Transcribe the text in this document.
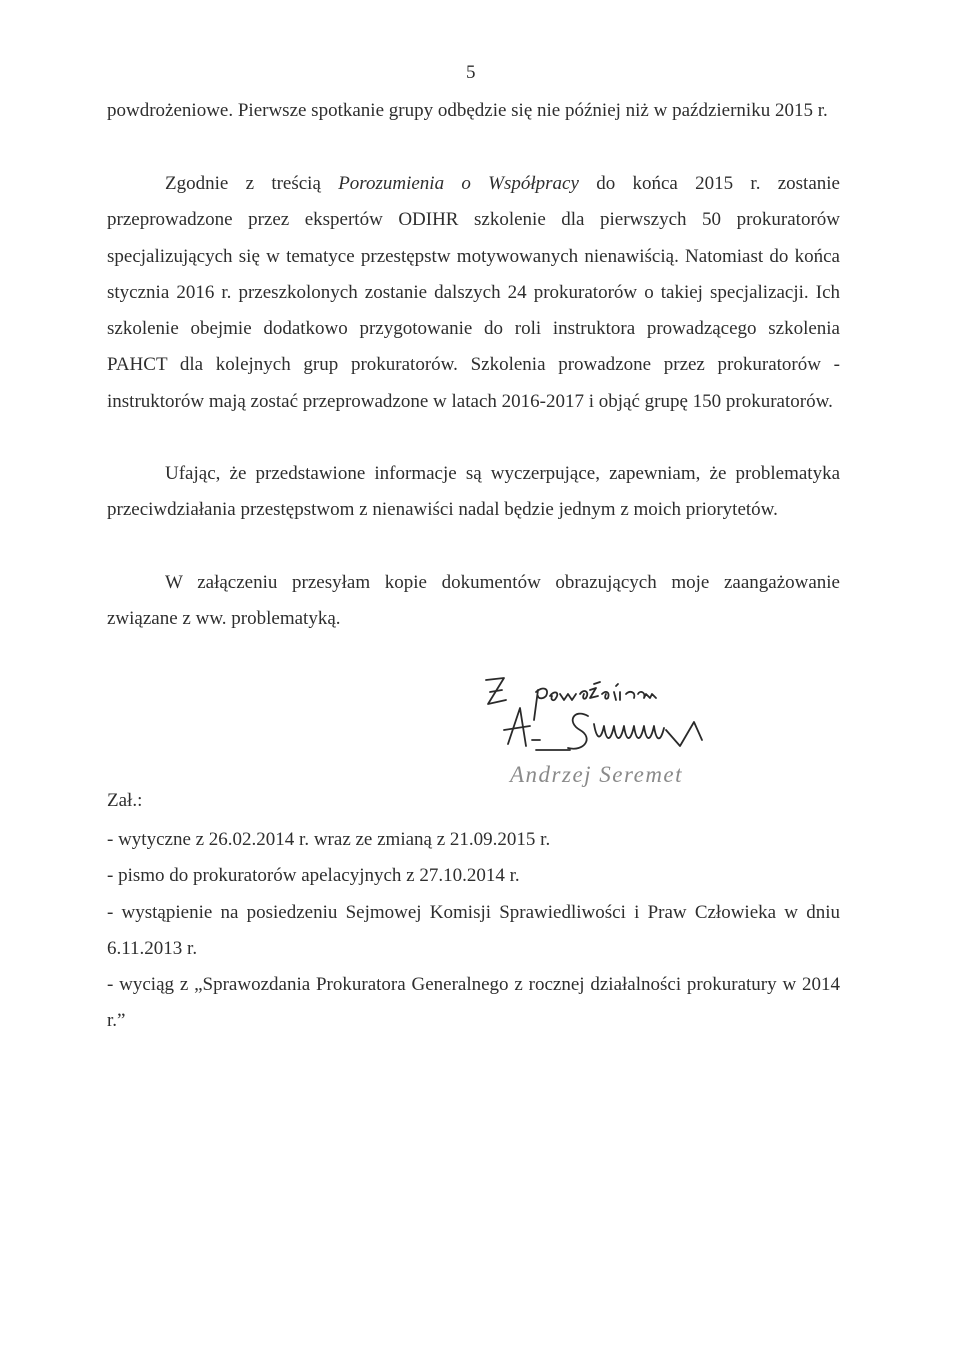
5

powdrożeniowe. Pierwsze spotkanie grupy odbędzie się nie później niż w październiku 2015 r.

Zgodnie z treścią Porozumienia o Współpracy do końca 2015 r. zostanie przeprowadzone przez ekspertów ODIHR szkolenie dla pierwszych 50 prokuratorów specjalizujących się w tematyce przestępstw motywowanych nienawiścią. Natomiast do końca stycznia 2016 r. przeszkolonych zostanie dalszych 24 prokuratorów o takiej specjalizacji. Ich szkolenie obejmie dodatkowo przygotowanie do roli instruktora prowadzącego szkolenia PAHCT dla kolejnych grup prokuratorów. Szkolenia prowadzone przez prokuratorów - instruktorów mają zostać przeprowadzone w latach 2016-2017 i objąć grupę 150 prokuratorów.

Ufając, że przedstawione informacje są wyczerpujące, zapewniam, że problematyka przeciwdziałania przestępstwom z nienawiści nadal będzie jednym z moich priorytetów.

W załączeniu przesyłam kopie dokumentów obrazujących moje zaangażowanie związane z ww. problematyką.

Andrzej Seremet
Zał.:
- wytyczne z 26.02.2014 r. wraz ze zmianą z 21.09.2015 r.
- pismo do prokuratorów apelacyjnych z 27.10.2014 r.
- wystąpienie na posiedzeniu Sejmowej Komisji Sprawiedliwości i Praw Człowieka w dniu 6.11.2013 r.
- wyciąg z „Sprawozdania Prokuratora Generalnego z rocznej działalności prokuratury w 2014 r.”
